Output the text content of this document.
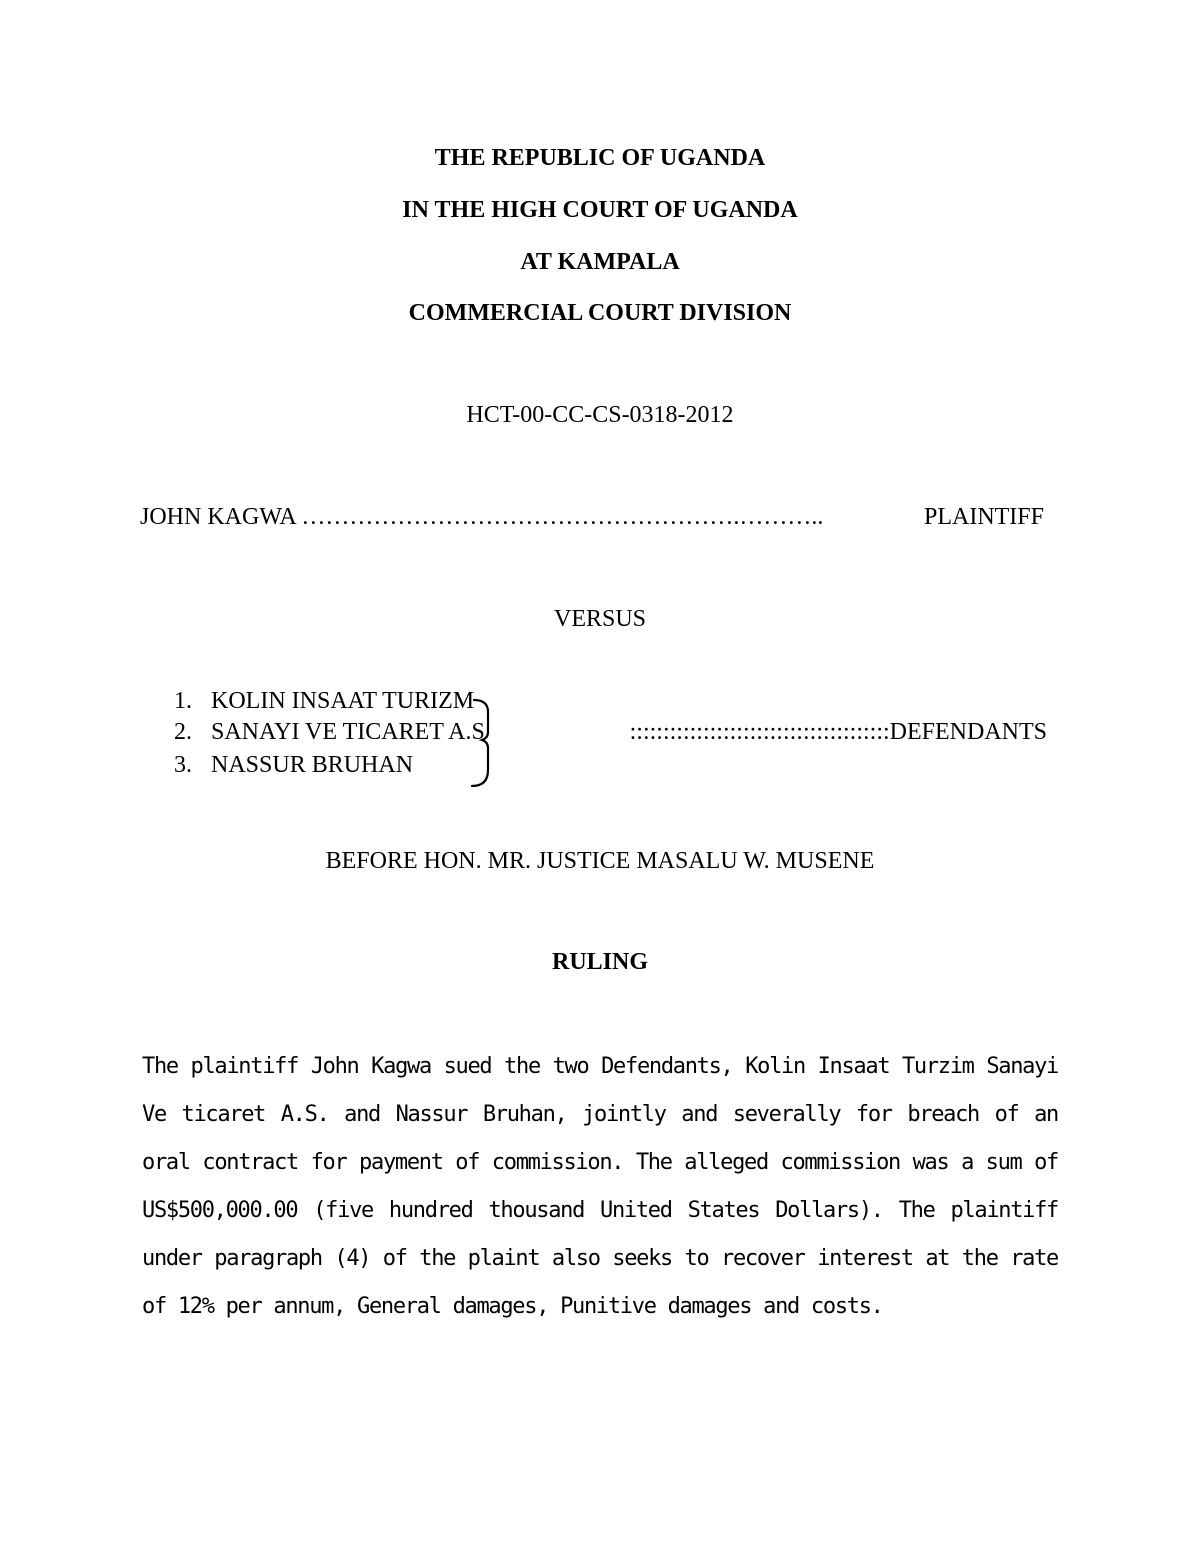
THE REPUBLIC OF UGANDA
IN THE HIGH COURT OF UGANDA
AT KAMPALA
COMMERCIAL COURT DIVISION
HCT-00-CC-CS-0318-2012
JOHN KAGWA ……………………………………………….………..	PLAINTIFF
VERSUS
1. KOLIN INSAAT TURIZM
2. SANAYI VE TICARET A.S
3. NASSUR BRUHAN
:::::::::::::::::::::::::::::::::::::::DEFENDANTS
BEFORE HON. MR. JUSTICE MASALU W. MUSENE
RULING
The plaintiff John Kagwa sued the two Defendants, Kolin Insaat Turzim Sanayi Ve ticaret A.S. and Nassur Bruhan, jointly and severally for breach of an oral contract for payment of commission. The alleged commission was a sum of US$500,000.00 (five hundred thousand United States Dollars). The plaintiff under paragraph (4) of the plaint also seeks to recover interest at the rate of 12% per annum, General damages, Punitive damages and costs.
